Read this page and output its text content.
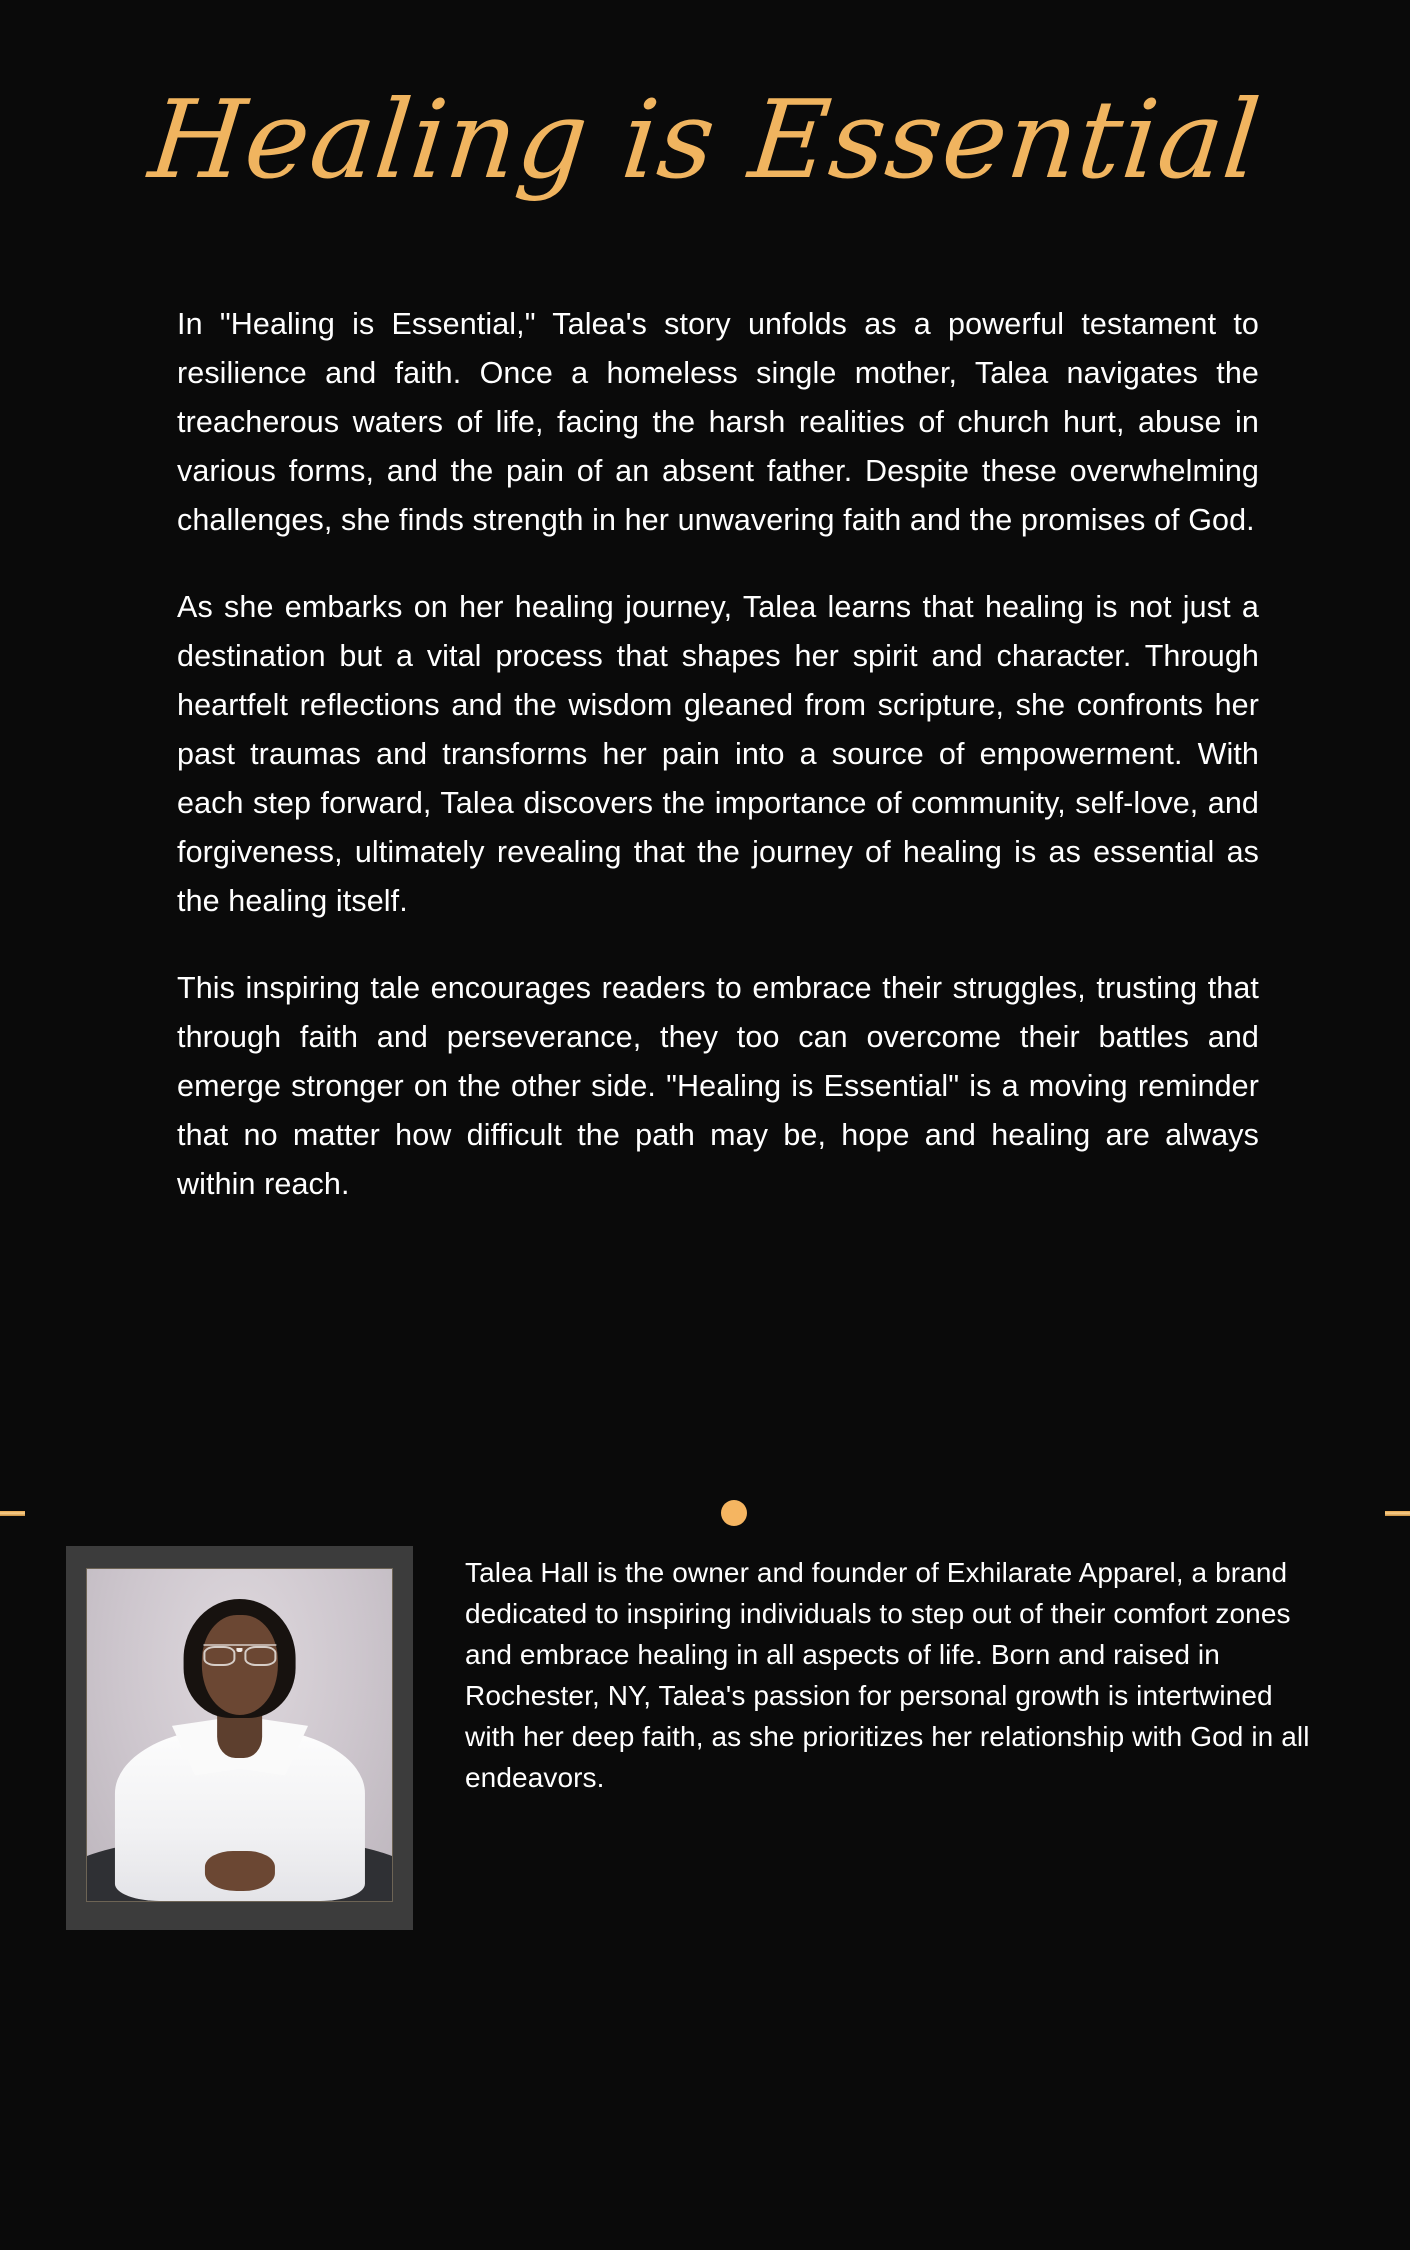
Healing is Essential

In "Healing is Essential," Talea's story unfolds as a powerful testament to resilience and faith. Once a homeless single mother, Talea navigates the treacherous waters of life, facing the harsh realities of church hurt, abuse in various forms, and the pain of an absent father. Despite these overwhelming challenges, she finds strength in her unwavering faith and the promises of God.

As she embarks on her healing journey, Talea learns that healing is not just a destination but a vital process that shapes her spirit and character. Through heartfelt reflections and the wisdom gleaned from scripture, she confronts her past traumas and transforms her pain into a source of empowerment. With each step forward, Talea discovers the importance of community, self-love, and forgiveness, ultimately revealing that the journey of healing is as essential as the healing itself.

This inspiring tale encourages readers to embrace their struggles, trusting that through faith and perseverance, they too can overcome their battles and emerge stronger on the other side. "Healing is Essential" is a moving reminder that no matter how difficult the path may be, hope and healing are always within reach.

Talea Hall is the owner and founder of Exhilarate Apparel, a brand dedicated to inspiring individuals to step out of their comfort zones and embrace healing in all aspects of life. Born and raised in Rochester, NY, Talea's passion for personal growth is intertwined with her deep faith, as she prioritizes her relationship with God in all endeavors.
